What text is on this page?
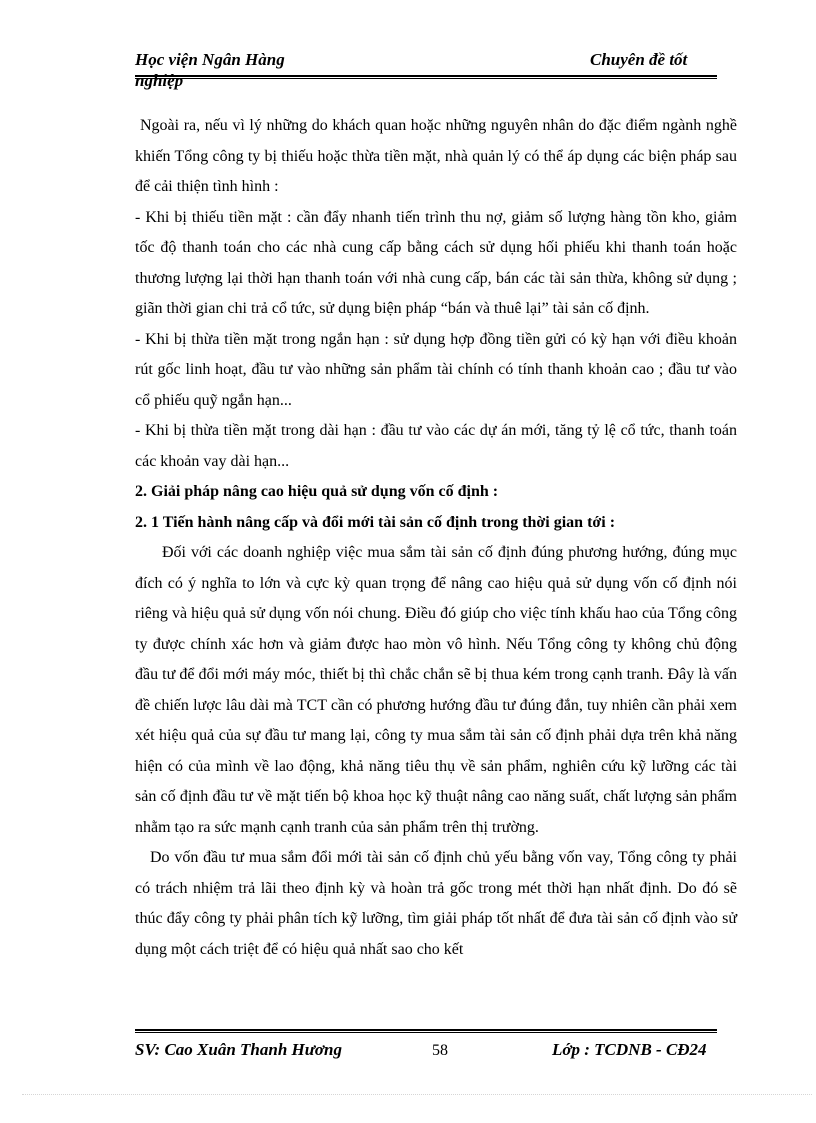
Học viện Ngân Hàng	Chuyên đề tốt
nghiệp

Ngoài ra, nếu vì lý những do khách quan hoặc những nguyên nhân do đặc điểm ngành nghề khiến Tổng công ty bị thiếu hoặc thừa tiền mặt, nhà quản lý có thể áp dụng các biện pháp sau để cải thiện tình hình :

- Khi bị thiếu tiền mặt : cần đẩy nhanh tiến trình thu nợ, giảm số lượng hàng tồn kho, giảm tốc độ thanh toán cho các nhà cung cấp bằng cách sử dụng hối phiếu khi thanh toán hoặc thương lượng lại thời hạn thanh toán với nhà cung cấp, bán các tài sản thừa, không sử dụng ; giãn thời gian chi trả cổ tức, sử dụng biện pháp “bán và thuê lại” tài sản cố định.

- Khi bị thừa tiền mặt trong ngắn hạn : sử dụng hợp đồng tiền gửi có kỳ hạn với điều khoản rút gốc linh hoạt, đầu tư vào những sản phẩm tài chính có tính thanh khoản cao ; đầu tư vào cổ phiếu quỹ ngắn hạn...

- Khi bị thừa tiền mặt trong dài hạn : đầu tư vào các dự án mới, tăng tỷ lệ cổ tức, thanh toán các khoản vay dài hạn...

2. Giải pháp nâng cao hiệu quả sử dụng vốn cố định :
2. 1 Tiến hành nâng cấp và đổi mới tài sản cố định trong thời gian tới :

Đối với các doanh nghiệp việc mua sắm tài sản cố định đúng phương hướng, đúng mục đích có ý nghĩa to lớn và cực kỳ quan trọng để nâng cao hiệu quả sử dụng vốn cố định nói riêng và hiệu quả sử dụng vốn nói chung. Điều đó giúp cho việc tính khấu hao của Tổng công ty được chính xác hơn và giảm được hao mòn vô hình. Nếu Tổng công ty không chủ động đầu tư để đổi mới máy móc, thiết bị thì chắc chắn sẽ bị thua kém trong cạnh tranh. Đây là vấn đề chiến lược lâu dài mà TCT cần có phương hướng đầu tư đúng đắn, tuy nhiên cần phải xem xét hiệu quả của sự đầu tư mang lại, công ty mua sắm tài sản cố định phải dựa trên khả năng hiện có của mình về lao động, khả năng tiêu thụ về sản phẩm, nghiên cứu kỹ lưỡng các tài sản cố định đầu tư về mặt tiến bộ khoa học kỹ thuật nâng cao năng suất, chất lượng sản phẩm nhằm tạo ra sức mạnh cạnh tranh của sản phẩm trên thị trường.

Do vốn đầu tư mua sắm đổi mới tài sản cố định chủ yếu bằng vốn vay, Tổng công ty phải có trách nhiệm trả lãi theo định kỳ và hoàn trả gốc trong mét thời hạn nhất định. Do đó sẽ thúc đẩy công ty phải phân tích kỹ lưỡng, tìm giải pháp tốt nhất để đưa tài sản cố định vào sử dụng một cách triệt để có hiệu quả nhất sao cho kết

SV: Cao Xuân Thanh Hương	58	Lớp : TCDNB - CĐ24
